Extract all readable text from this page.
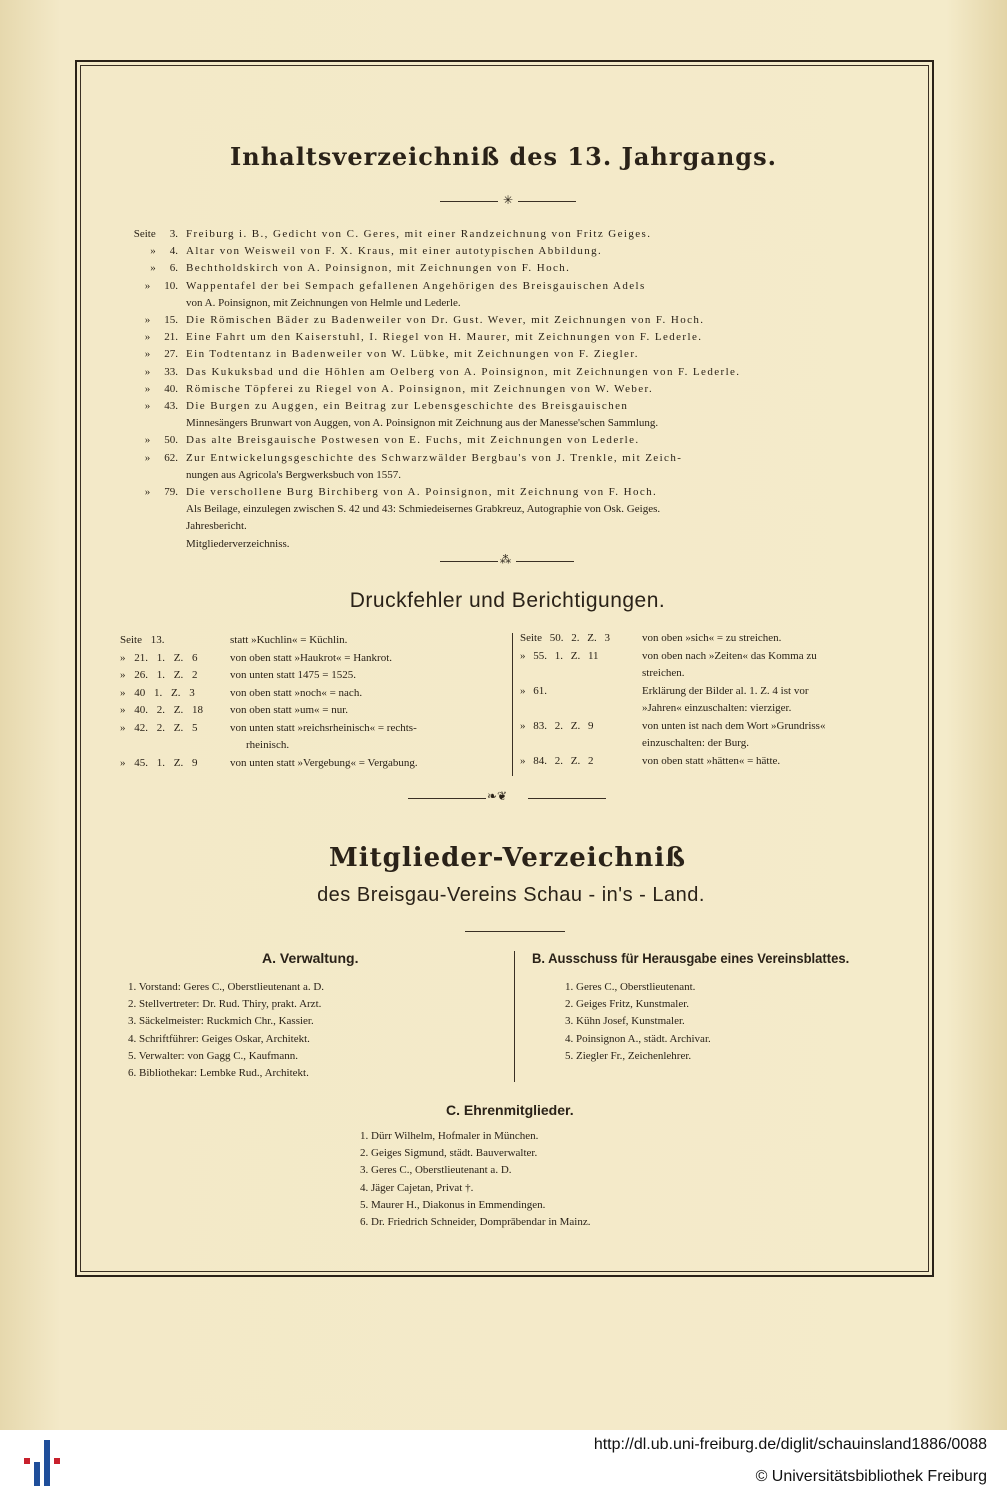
Inhaltsverzeichniß des 13. Jahrgangs.
✳
Seite 3. Freiburg i. B., Gedicht von C. Geres, mit einer Randzeichnung von Fritz Geiges.
» 4. Altar von Weisweil von F. X. Kraus, mit einer autotypischen Abbildung.
» 6. Bechtholdskirch von A. Poinsignon, mit Zeichnungen von F. Hoch.
» 10. Wappentafel der bei Sempach gefallenen Angehörigen des Breisgauischen Adels
von A. Poinsignon, mit Zeichnungen von Helmle und Lederle.
» 15. Die Römischen Bäder zu Badenweiler von Dr. Gust. Wever, mit Zeichnungen von F. Hoch.
» 21. Eine Fahrt um den Kaiserstuhl, I. Riegel von H. Maurer, mit Zeichnungen von F. Lederle.
» 27. Ein Todtentanz in Badenweiler von W. Lübke, mit Zeichnungen von F. Ziegler.
» 33. Das Kukuksbad und die Höhlen am Oelberg von A. Poinsignon, mit Zeichnungen von F. Lederle.
» 40. Römische Töpferei zu Riegel von A. Poinsignon, mit Zeichnungen von W. Weber.
» 43. Die Burgen zu Auggen, ein Beitrag zur Lebensgeschichte des Breisgauischen
Minnesängers Brunwart von Auggen, von A. Poinsignon mit Zeichnung aus der Manesse'schen Sammlung.
» 50. Das alte Breisgauische Postwesen von E. Fuchs, mit Zeichnungen von Lederle.
» 62. Zur Entwickelungsgeschichte des Schwarzwälder Bergbau's von J. Trenkle, mit Zeich-
nungen aus Agricola's Bergwerksbuch von 1557.
» 79. Die verschollene Burg Birchiberg von A. Poinsignon, mit Zeichnung von F. Hoch.
Als Beilage, einzulegen zwischen S. 42 und 43: Schmiedeisernes Grabkreuz, Autographie von Osk. Geiges.
Jahresbericht.
Mitgliederverzeichniss.
⁂
Druckfehler und Berichtigungen.
Seite 13.	statt »Kuchlin« = Küchlin.
» 21. 1. Z. 6	von oben statt »Haukrot« = Hankrot.
» 26. 1. Z. 2	von unten statt 1475 = 1525.
» 40 1. Z. 3	von oben statt »noch« = nach.
» 40. 2. Z. 18	von oben statt »um« = nur.
» 42. 2. Z. 5	von unten statt »reichsrheinisch« = rechts-
rheinisch.
» 45. 1. Z. 9	von unten statt »Vergebung« = Vergabung.
Seite 50. 2. Z. 3	von oben »sich« = zu streichen.
» 55. 1. Z. 11	von oben nach »Zeiten« das Komma zu
streichen.
» 61.	Erklärung der Bilder al. 1. Z. 4 ist vor
»Jahren« einzuschalten: vierziger.
» 83. 2. Z. 9	von unten ist nach dem Wort »Grundriss«
einzuschalten: der Burg.
» 84. 2. Z. 2	von oben statt »hätten« = hätte.
❧❦
Mitglieder-Verzeichniß
des Breisgau-Vereins Schau - in's - Land.
A. Verwaltung.	B. Ausschuss für Herausgabe eines Vereinsblattes.
1. Vorstand: Geres C., Oberstlieutenant a. D.
2. Stellvertreter: Dr. Rud. Thiry, prakt. Arzt.
3. Säckelmeister: Ruckmich Chr., Kassier.
4. Schriftführer: Geiges Oskar, Architekt.
5. Verwalter: von Gagg C., Kaufmann.
6. Bibliothekar: Lembke Rud., Architekt.
1. Geres C., Oberstlieutenant.
2. Geiges Fritz, Kunstmaler.
3. Kühn Josef, Kunstmaler.
4. Poinsignon A., städt. Archivar.
5. Ziegler Fr., Zeichenlehrer.
C. Ehrenmitglieder.
1. Dürr Wilhelm, Hofmaler in München.
2. Geiges Sigmund, städt. Bauverwalter.
3. Geres C., Oberstlieutenant a. D.
4. Jäger Cajetan, Privat †.
5. Maurer H., Diakonus in Emmendingen.
6. Dr. Friedrich Schneider, Domprābendar in Mainz.
http://dl.ub.uni-freiburg.de/diglit/schauinsland1886/0088
© Universitätsbibliothek Freiburg
